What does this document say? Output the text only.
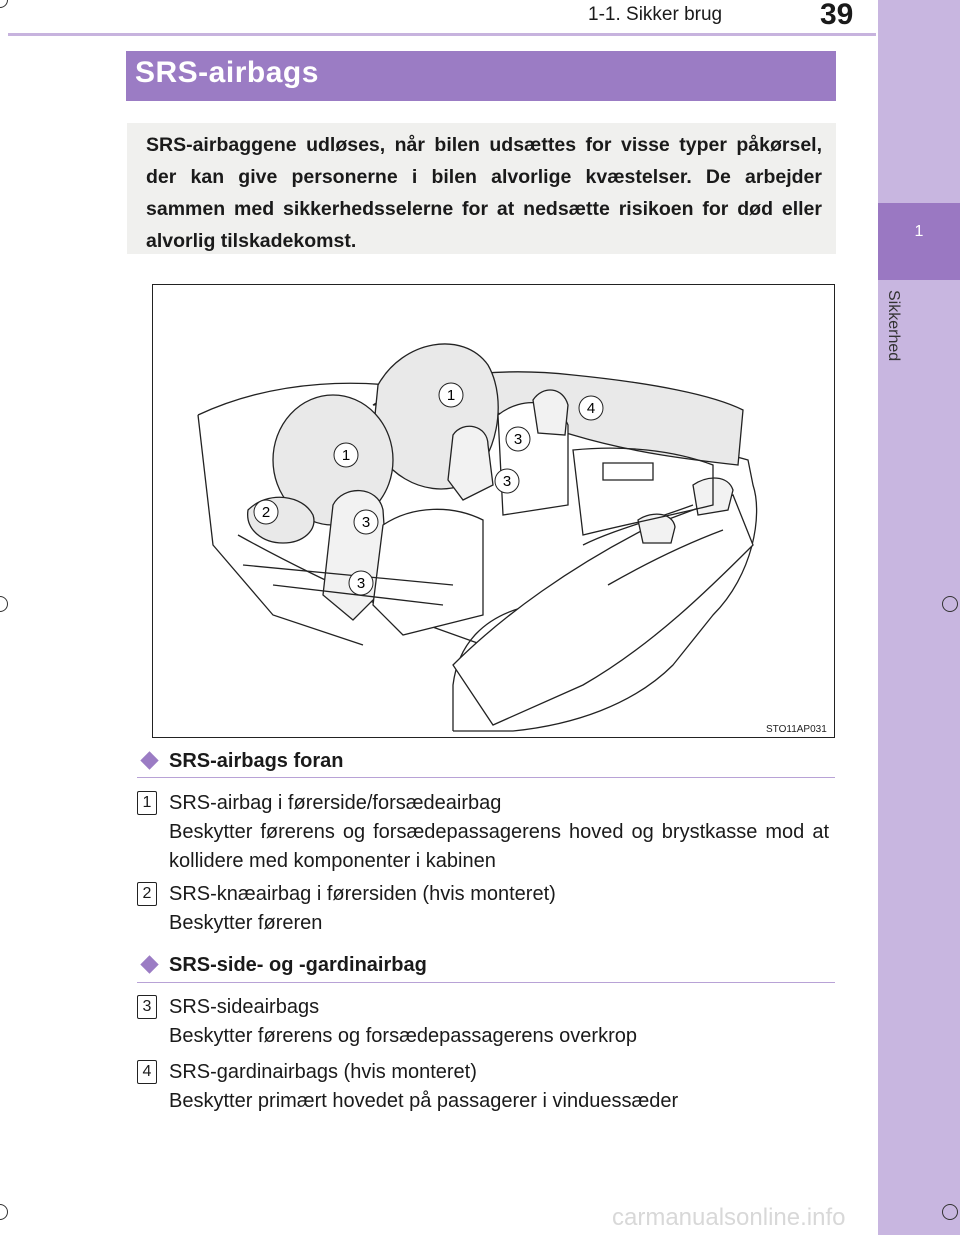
1-1. Sikker brug	39
1
Sikkerhed
SRS-airbags
SRS-airbaggene udløses, når bilen udsættes for visse typer påkørsel, der kan give personerne i bilen alvorlige kvæstelser. De arbejder sammen med sikkerhedsselerne for at nedsætte risikoen for død eller alvorlig tilskadekomst.
1
1
2
3
3
3
3
4
STO11AP031
SRS-airbags foran
1 SRS-airbag i førerside/forsædeairbag
Beskytter førerens og forsædepassagerens hoved og brystkasse mod at kollidere med komponenter i kabinen
2 SRS-knæairbag i førersiden (hvis monteret)
Beskytter føreren
SRS-side- og -gardinairbag
3 SRS-sideairbags
Beskytter førerens og forsædepassagerens overkrop
4 SRS-gardinairbags (hvis monteret)
Beskytter primært hovedet på passagerer i vinduessæder
carmanualsonline.info
